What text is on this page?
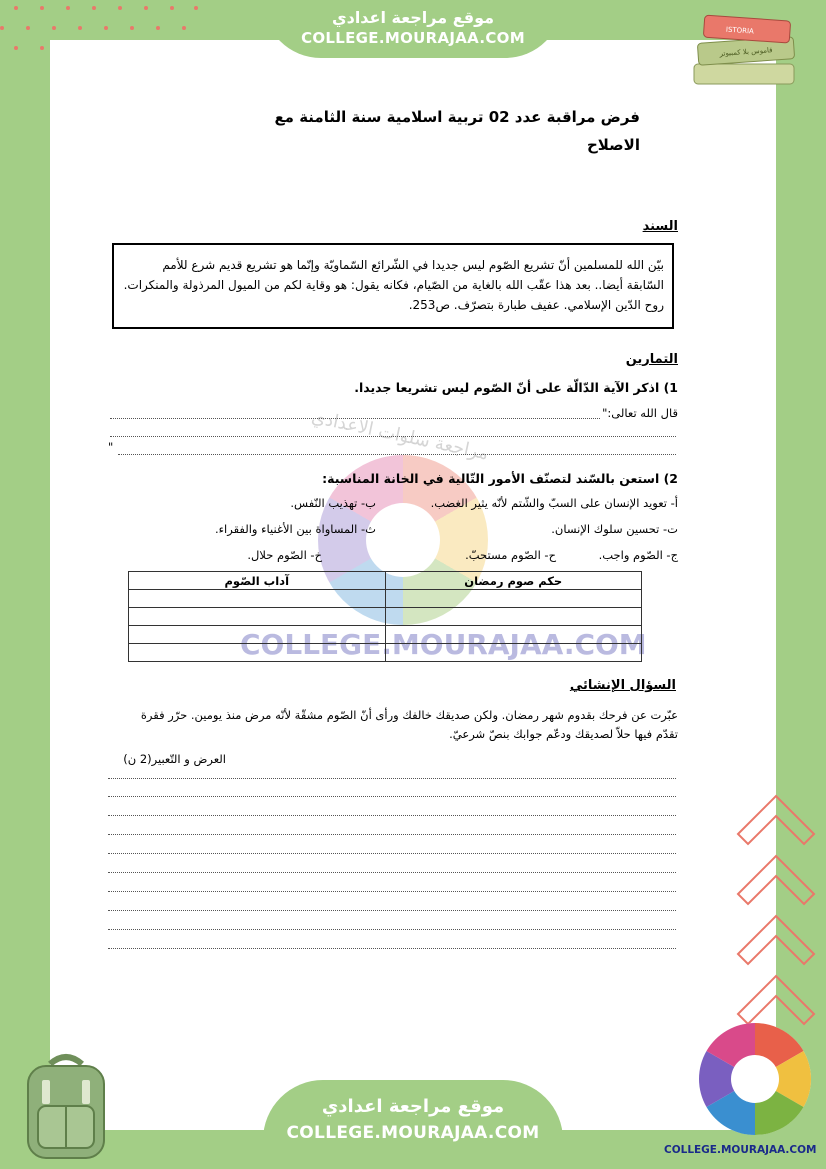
موقع مراجعة اعدادي
COLLEGE.MOURAJAA.COM	ISTORIA
قاموس بلا كمبيوتر
مراجعة سلوات الاعدادي
COLLEGE.MOURAJAA.COM
فرض مراقبة عدد 02 تربية اسلامية سنة الثامنة مع
الاصلاح
السند
بيّن الله للمسلمين أنّ تشريع الصّوم ليس جديدا في الشّرائع السّماويّة وإنّما هو تشريع قديم شرع للأمم السّابقة أيضا.. بعد هذا عقّب الله بالغاية من الصّيام، فكانه يقول: هو وقاية لكم من الميول المرذولة والمنكرات.
روح الدّين الإسلامي. عفيف طبارة بتصرّف. ص253.
التمارين
1) اذكر الآية الدّالّة على أنّ الصّوم ليس تشريعا جديدا.
قال الله تعالى:"
"
2) استعن بالسّند لتصنّف الأمور التّالية في الخانة المناسبة:
أ- تعويد الإنسان على السبّ والشّتم لأنّه يثير الغضب.
ب- تهذيب النّفس.
ت- تحسين سلوك الإنسان.
ث- المساواة بين الأغنياء والفقراء.
ج- الصّوم واجب.
ح- الصّوم مستحبّ.
خ- الصّوم حلال.
حكم صوم رمضان	آداب الصّوم

السؤال الإنشائي
عبّرت عن فرحك بقدوم شهر رمضان. ولكن صديقك خالفك ورأى أنّ الصّوم مشقّة لأنّه مرض منذ يومين. حرّر فقرة تقدّم فيها حلاّ لصديقك ودعّم جوابك بنصّ شرعيّ.
العرض و التّعبير(2 ن)
موقع مراجعة اعدادي
COLLEGE.MOURAJAA.COM
COLLEGE.MOURAJAA.COM
